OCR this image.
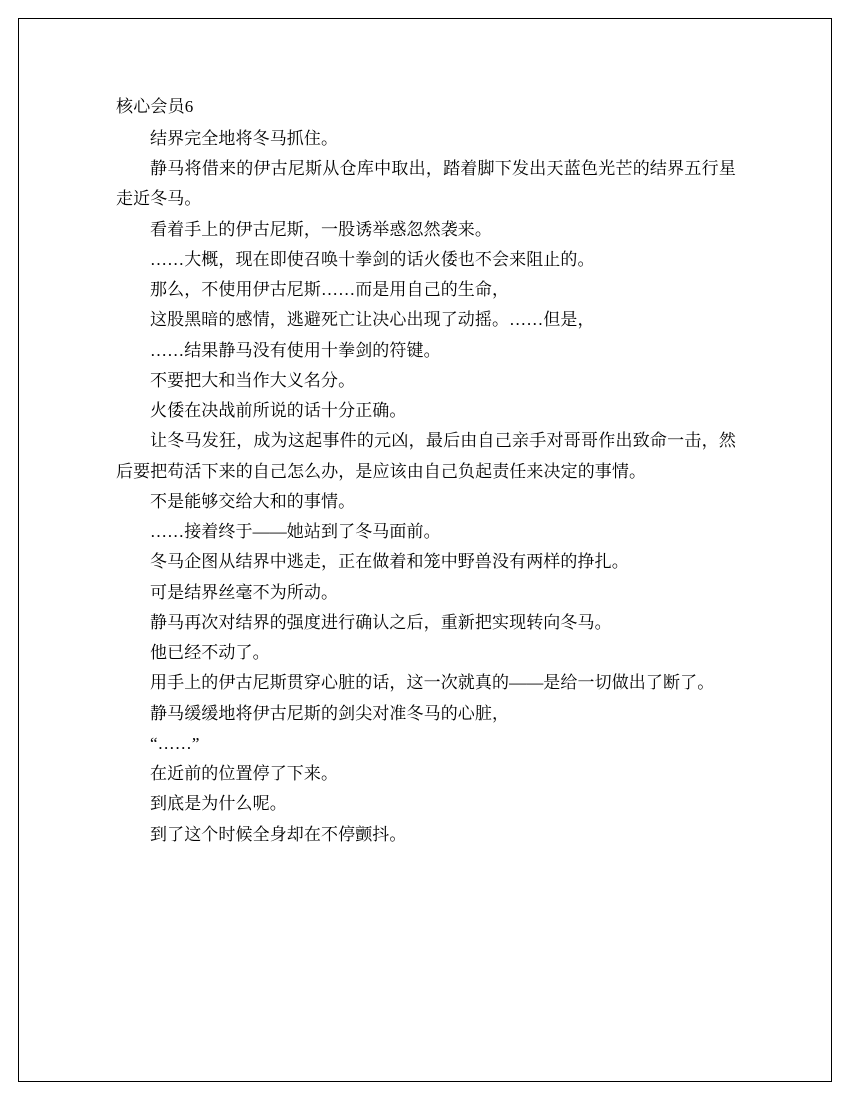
核心会员6

结界完全地将冬马抓住。

静马将借来的伊古尼斯从仓库中取出，踏着脚下发出天蓝色光芒的结界五行星走近冬马。

看着手上的伊古尼斯，一股诱举惑忽然袭来。

……大概，现在即使召唤十拳剑的话火倭也不会来阻止的。

那么，不使用伊古尼斯……而是用自己的生命，

这股黑暗的感情，逃避死亡让决心出现了动摇。……但是，

……结果静马没有使用十拳剑的符键。

不要把大和当作大义名分。

火倭在决战前所说的话十分正确。

让冬马发狂，成为这起事件的元凶，最后由自己亲手对哥哥作出致命一击，然后要把苟活下来的自己怎么办，是应该由自己负起责任来决定的事情。

不是能够交给大和的事情。

……接着终于——她站到了冬马面前。

冬马企图从结界中逃走，正在做着和笼中野兽没有两样的挣扎。

可是结界丝毫不为所动。

静马再次对结界的强度进行确认之后，重新把实现转向冬马。

他已经不动了。

用手上的伊古尼斯贯穿心脏的话，这一次就真的——是给一切做出了断了。

静马缓缓地将伊古尼斯的剑尖对准冬马的心脏，

“……”

在近前的位置停了下来。

到底是为什么呢。

到了这个时候全身却在不停颤抖。
